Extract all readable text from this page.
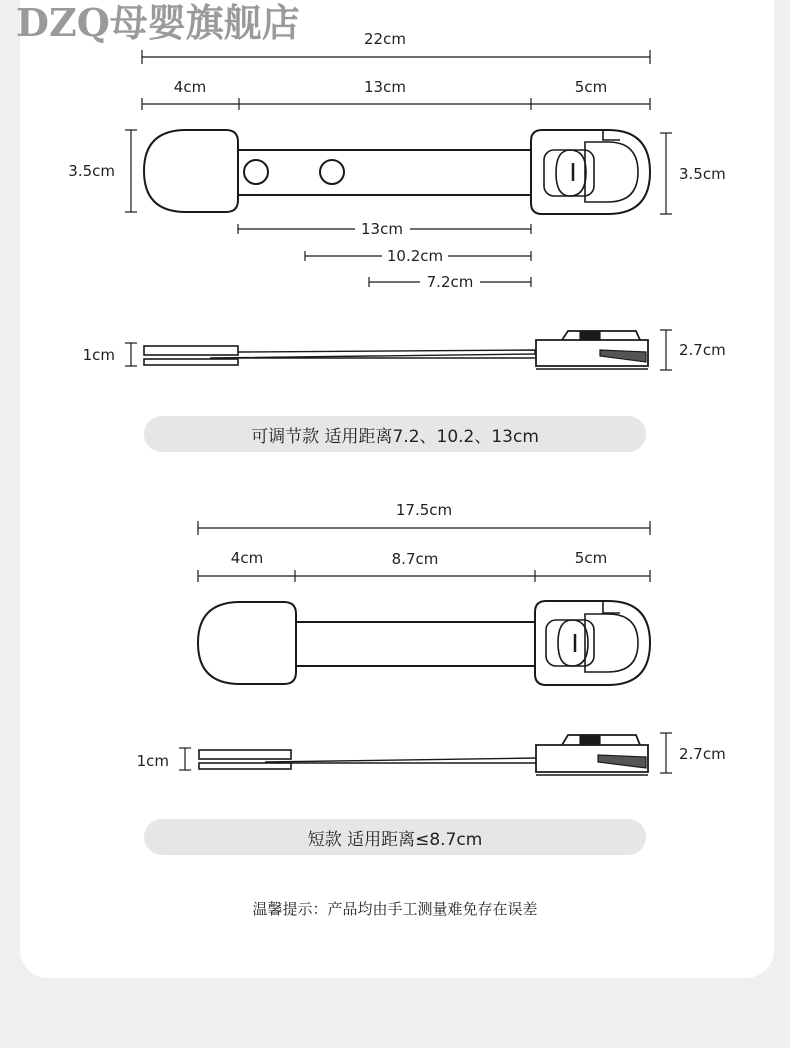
DZQ母婴旗舰店	22cm
4cm	13cm	5cm
3.5cm	3.5cm
13cm
10.2cm
7.2cm
1cm	2.7cm
17.5cm
4cm	8.7cm	5cm
1cm	2.7cm
可调节款 适用距离7.2、10.2、13cm
短款 适用距离≤8.7cm
温馨提示：产品均由手工测量难免存在误差
